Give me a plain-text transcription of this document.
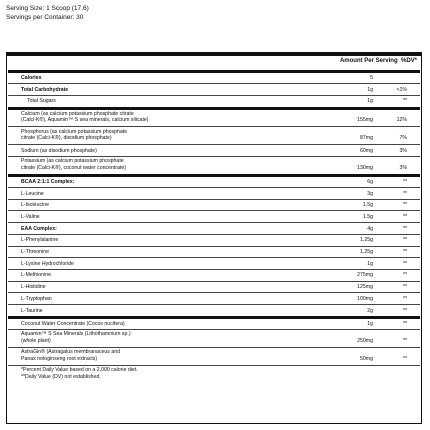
Serving Size: 1 Scoop (17.6)
Servings per Container: 30
Amount Per Serving %DV*
Calories	5
Total Carbohydrate	1g	<1%
Total Sugars	1g	**
Calcium (as calcium potassium phosphate citrate
(Calci-K®), Aquamin™ S sea minerals, calcium silicate)	155mg	12%
Phosphorus (as calcium potassium phosphate
citrate (Calci-K®), disodium phosphate)	87mg	7%
Sodium (as disodium phosphate)	60mg	3%
Potassium (as calcium potassium phosphate
citrate (Calci-K®), coconut water concentrate)	130mg	3%
BCAA 2:1:1 Complex:	6g	**
L-Leucine	3g	**
L-Isoleucine	1.5g	**
L-Valine	1.5g	**
EAA Complex:	4g	**
L-Phenylalanine	1.25g	**
L-Threonine	1.25g	**
L-Lysine Hydrochloride	1g	**
L-Methionine	275mg	**
L-Histidine	125mg	**
L-Tryptophan	100mg	**
L-Taurine	2g	**
Coconut Water Concentrate (Cocos nucifera)	1g	**
Aquamin™ S Sea Minerals (Lithothamnium sp.)
(whole plant)	250mg	**
AstraGin® (Astragalus membranaceus and
Panax notoginseng root extracts)	50mg	**
*Percent Daily Value based on a 2,000 calorie diet.
**Daily Value (DV) not established.
